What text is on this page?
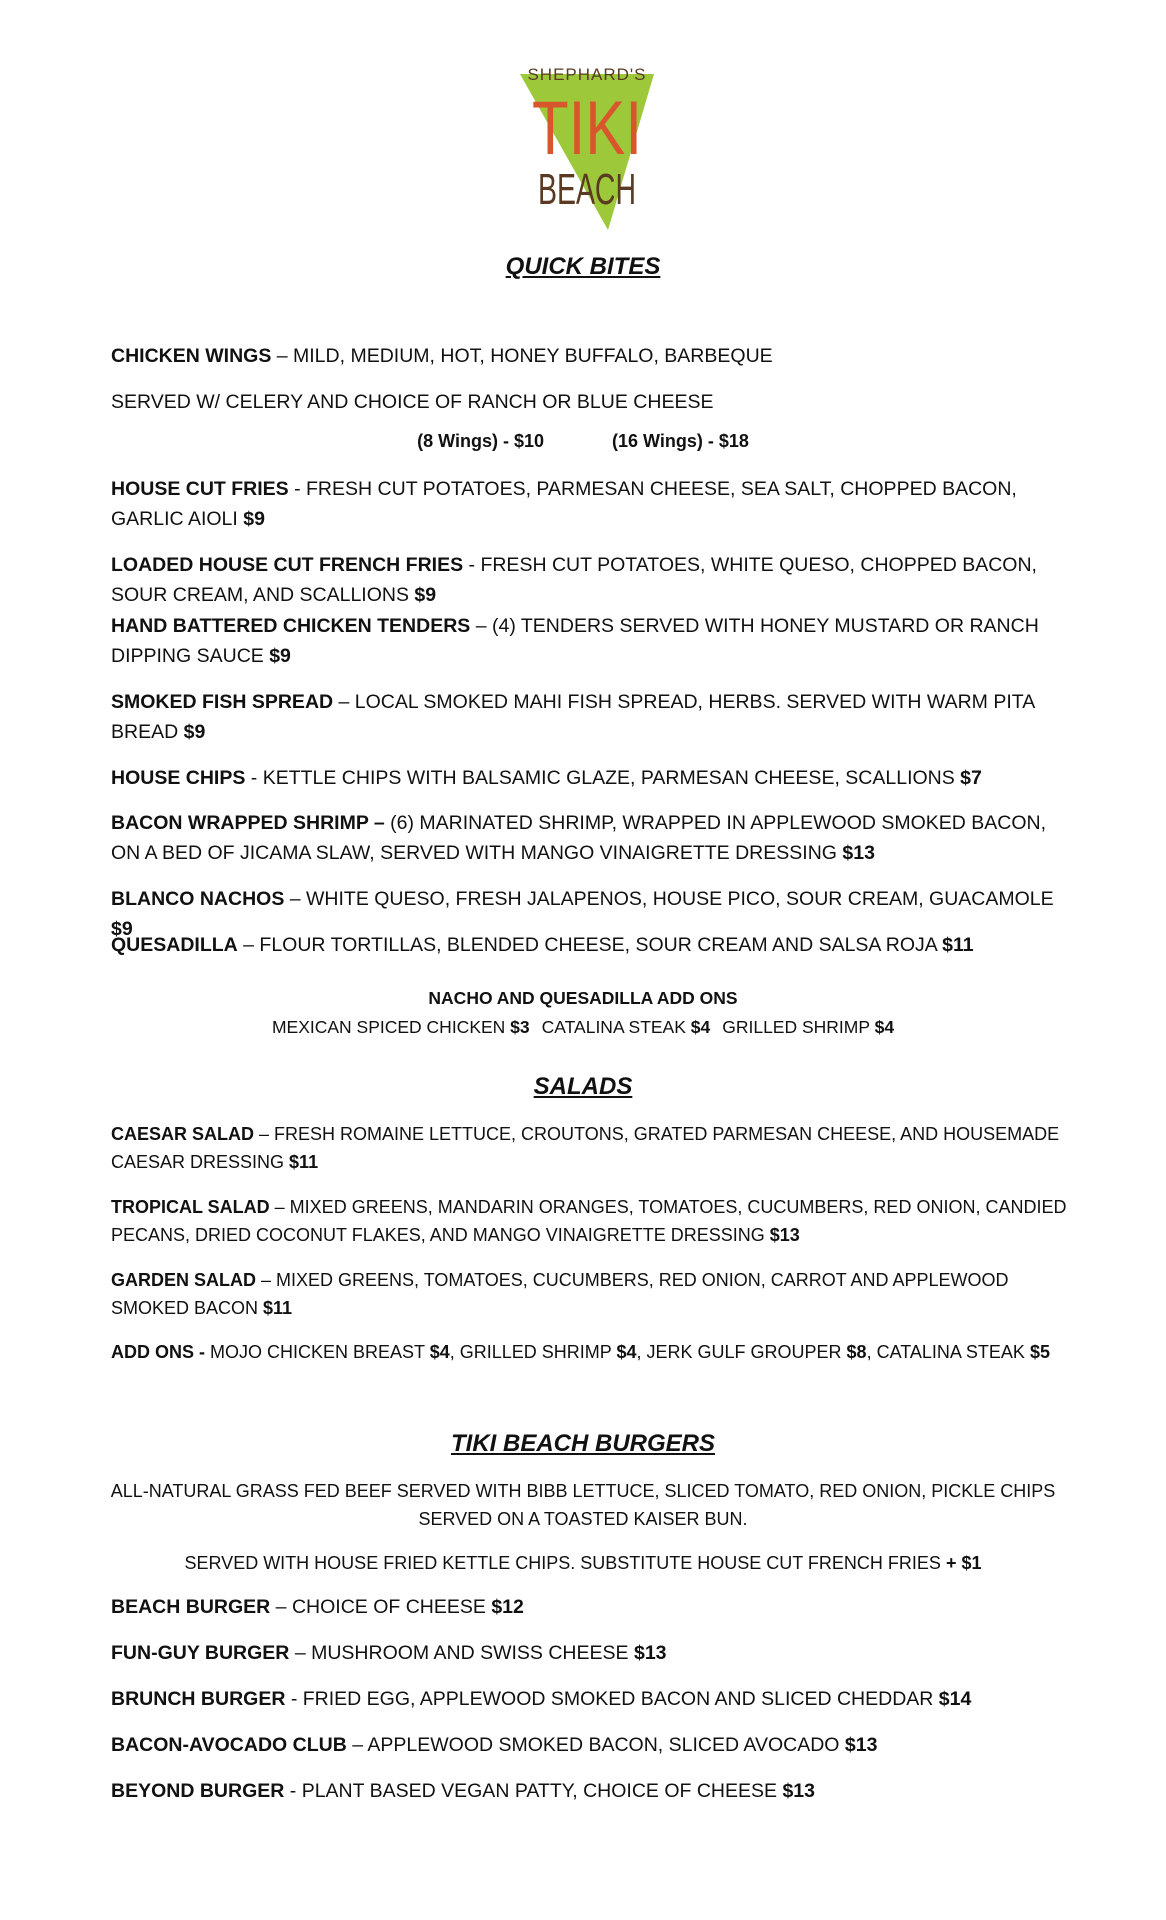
SHEPHARD'S
TIKI
BEACH
QUICK BITES
CHICKEN WINGS – MILD, MEDIUM, HOT, HONEY BUFFALO, BARBEQUE
SERVED W/ CELERY AND CHOICE OF RANCH OR BLUE CHEESE
(8 Wings) - $10	(16 Wings) - $18
HOUSE CUT FRIES - FRESH CUT POTATOES, PARMESAN CHEESE, SEA SALT, CHOPPED BACON, GARLIC AIOLI $9
LOADED HOUSE CUT FRENCH FRIES - FRESH CUT POTATOES, WHITE QUESO, CHOPPED BACON, SOUR CREAM, AND SCALLIONS $9
HAND BATTERED CHICKEN TENDERS – (4) TENDERS SERVED WITH HONEY MUSTARD OR RANCH DIPPING SAUCE $9
SMOKED FISH SPREAD – LOCAL SMOKED MAHI FISH SPREAD, HERBS. SERVED WITH WARM PITA BREAD $9
HOUSE CHIPS - KETTLE CHIPS WITH BALSAMIC GLAZE, PARMESAN CHEESE, SCALLIONS $7
BACON WRAPPED SHRIMP – (6) MARINATED SHRIMP, WRAPPED IN APPLEWOOD SMOKED BACON, ON A BED OF JICAMA SLAW, SERVED WITH MANGO VINAIGRETTE DRESSING $13
BLANCO NACHOS – WHITE QUESO, FRESH JALAPENOS, HOUSE PICO, SOUR CREAM, GUACAMOLE $9
QUESADILLA – FLOUR TORTILLAS, BLENDED CHEESE, SOUR CREAM AND SALSA ROJA $11
NACHO AND QUESADILLA ADD ONS
MEXICAN SPICED CHICKEN $3 CATALINA STEAK $4 GRILLED SHRIMP $4
SALADS
CAESAR SALAD – FRESH ROMAINE LETTUCE, CROUTONS, GRATED PARMESAN CHEESE, AND HOUSEMADE CAESAR DRESSING $11
TROPICAL SALAD – MIXED GREENS, MANDARIN ORANGES, TOMATOES, CUCUMBERS, RED ONION, CANDIED PECANS, DRIED COCONUT FLAKES, AND MANGO VINAIGRETTE DRESSING $13
GARDEN SALAD – MIXED GREENS, TOMATOES, CUCUMBERS, RED ONION, CARROT AND APPLEWOOD SMOKED BACON $11
ADD ONS - MOJO CHICKEN BREAST $4, GRILLED SHRIMP $4, JERK GULF GROUPER $8, CATALINA STEAK $5
TIKI BEACH BURGERS
ALL-NATURAL GRASS FED BEEF SERVED WITH BIBB LETTUCE, SLICED TOMATO, RED ONION, PICKLE CHIPS
SERVED ON A TOASTED KAISER BUN.
SERVED WITH HOUSE FRIED KETTLE CHIPS. SUBSTITUTE HOUSE CUT FRENCH FRIES + $1
BEACH BURGER – CHOICE OF CHEESE $12
FUN-GUY BURGER – MUSHROOM AND SWISS CHEESE $13
BRUNCH BURGER - FRIED EGG, APPLEWOOD SMOKED BACON AND SLICED CHEDDAR $14
BACON-AVOCADO CLUB – APPLEWOOD SMOKED BACON, SLICED AVOCADO $13
BEYOND BURGER - PLANT BASED VEGAN PATTY, CHOICE OF CHEESE $13
